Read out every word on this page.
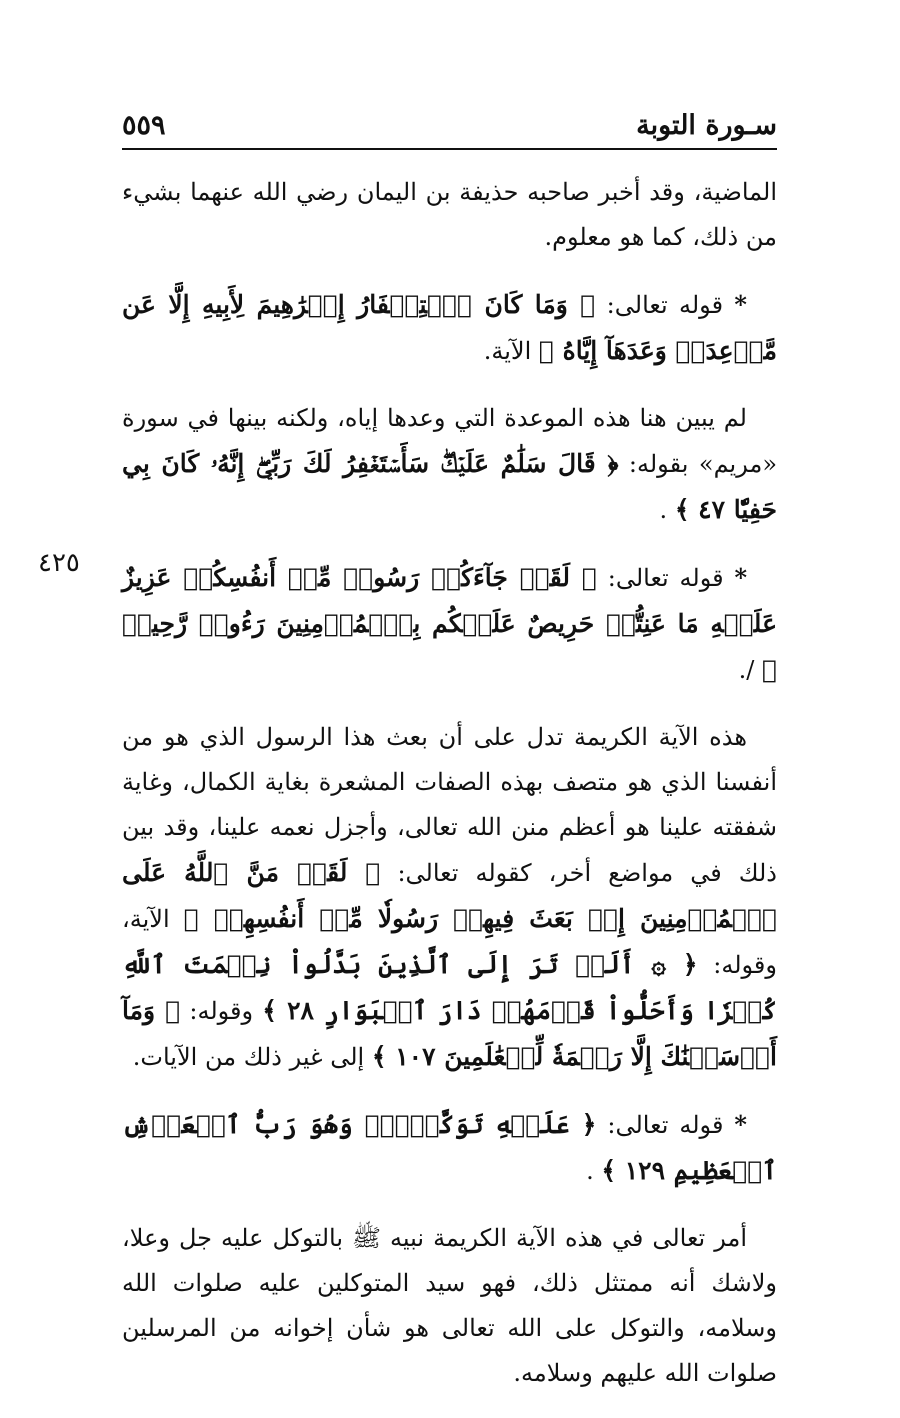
سـورة التوبة
٥٥٩
٤٢٥

الماضية، وقد أخبر صاحبه حذيفة بن اليمان رضي الله عنهما بشيء من ذلك، كما هو معلوم.

* قوله تعالى: ﴿ وَمَا كَانَ ٱسۡتِغۡفَارُ إِبۡرَٰهِيمَ لِأَبِيهِ إِلَّا عَن مَّوۡعِدَةٖ وَعَدَهَآ إِيَّاهُ ﴾ الآية.

لم يبين هنا هذه الموعدة التي وعدها إياه، ولكنه بينها في سورة «مريم» بقوله: ﴿ قَالَ سَلَٰمٌ عَلَيۡكَۖ سَأَسۡتَغۡفِرُ لَكَ رَبِّيٓۖ إِنَّهُۥ كَانَ بِي حَفِيّٗا ٤٧ ﴾ .

* قوله تعالى: ﴿ لَقَدۡ جَآءَكُمۡ رَسُولٞ مِّنۡ أَنفُسِكُمۡ عَزِيزٌ عَلَيۡهِ مَا عَنِتُّمۡ حَرِيصٌ عَلَيۡكُم بِٱلۡمُؤۡمِنِينَ رَءُوفٞ رَّحِيمٞ ﴾ /.

هذه الآية الكريمة تدل على أن بعث هذا الرسول الذي هو من أنفسنا الذي هو متصف بهذه الصفات المشعرة بغاية الكمال، وغاية شفقته علينا هو أعظم منن الله تعالى، وأجزل نعمه علينا، وقد بين ذلك في مواضع أخر، كقوله تعالى: ﴿ لَقَدۡ مَنَّ ٱللَّهُ عَلَى ٱلۡمُؤۡمِنِينَ إِذۡ بَعَثَ فِيهِمۡ رَسُولٗا مِّنۡ أَنفُسِهِمۡ ﴾ الآية، وقوله: ﴿ ۞ أَلَمۡ تَرَ إِلَى ٱلَّذِينَ بَدَّلُواْ نِعۡمَتَ ٱللَّهِ كُفۡرٗا وَأَحَلُّواْ قَوۡمَهُمۡ دَارَ ٱلۡبَوَارِ ٢٨ ﴾ وقوله: ﴿ وَمَآ أَرۡسَلۡنَٰكَ إِلَّا رَحۡمَةٗ لِّلۡعَٰلَمِينَ ١٠٧ ﴾ إلى غير ذلك من الآيات.

* قوله تعالى: ﴿ عَلَيۡهِ تَوَكَّلۡتُۖ وَهُوَ رَبُّ ٱلۡعَرۡشِ ٱلۡعَظِيمِ ١٢٩ ﴾ .

أمر تعالى في هذه الآية الكريمة نبيه ﷺ بالتوكل عليه جل وعلا، ولاشك أنه ممتثل ذلك، فهو سيد المتوكلين عليه صلوات الله وسلامه، والتوكل على الله تعالى هو شأن إخوانه من المرسلين صلوات الله عليهم وسلامه.
